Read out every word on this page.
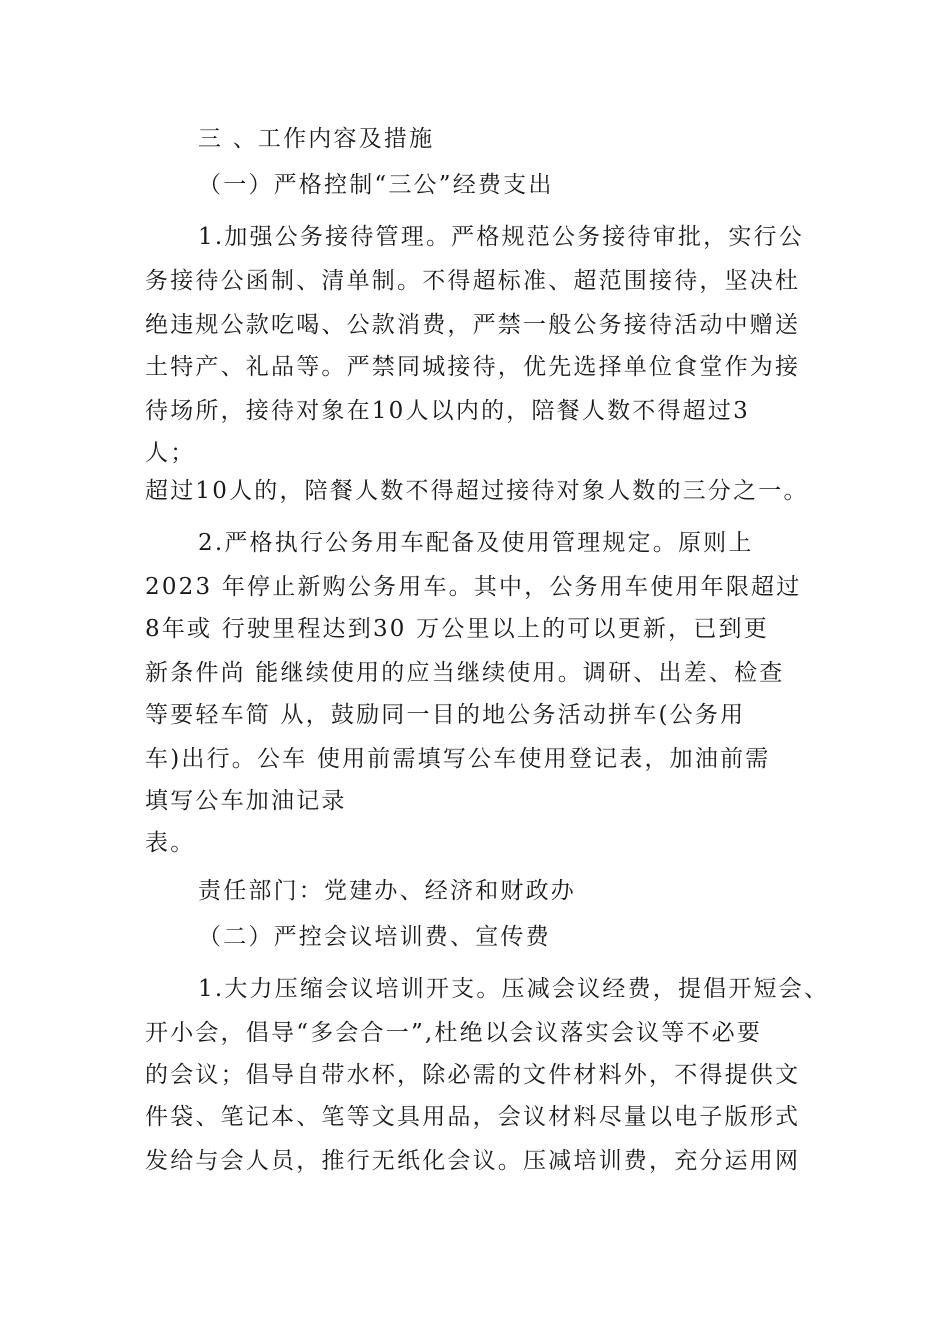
三 、工作内容及措施
（一）严格控制“三公”经费支出
1.加强公务接待管理。严格规范公务接待审批，实行公
务接待公函制、清单制。不得超标准、超范围接待，坚决杜
绝违规公款吃喝、公款消费，严禁一般公务接待活动中赠送
土特产、礼品等。严禁同城接待，优先选择单位食堂作为接
待场所，接待对象在10人以内的，陪餐人数不得超过3
人；
超过10人的，陪餐人数不得超过接待对象人数的三分之一。
2.严格执行公务用车配备及使用管理规定。原则上
2023 年停止新购公务用车。其中，公务用车使用年限超过
8年或 行驶里程达到30 万公里以上的可以更新，已到更
新条件尚 能继续使用的应当继续使用。调研、出差、检查
等要轻车简 从，鼓励同一目的地公务活动拼车(公务用
车)出行。公车 使用前需填写公车使用登记表，加油前需
填写公车加油记录
表。
责任部门：党建办、经济和财政办
（二）严控会议培训费、宣传费
1.大力压缩会议培训开支。压减会议经费，提倡开短会、
开小会，倡导“多会合一”,杜绝以会议落实会议等不必要
的会议；倡导自带水杯，除必需的文件材料外，不得提供文
件袋、笔记本、笔等文具用品，会议材料尽量以电子版形式
发给与会人员，推行无纸化会议。压减培训费，充分运用网
